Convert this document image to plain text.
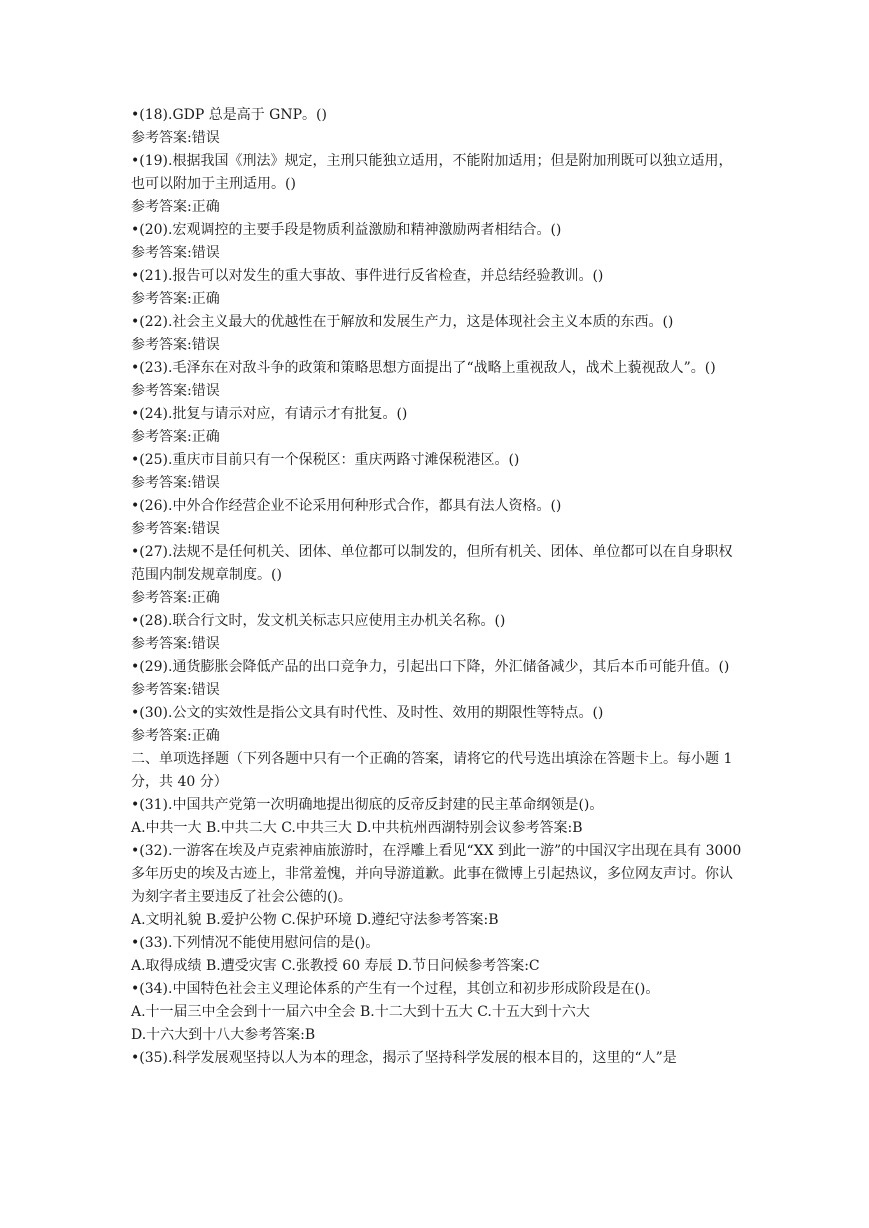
• (18).GDP 总是高于 GNP。()
参考答案:错误
• (19).根据我国《刑法》规定，主刑只能独立适用，不能附加适用；但是附加刑既可以独立适用，也可以附加于主刑适用。()
参考答案:正确
• (20).宏观调控的主要手段是物质利益激励和精神激励两者相结合。()
参考答案:错误
• (21).报告可以对发生的重大事故、事件进行反省检查，并总结经验教训。()
参考答案:正确
• (22).社会主义最大的优越性在于解放和发展生产力，这是体现社会主义本质的东西。()
参考答案:错误
• (23).毛泽东在对敌斗争的政策和策略思想方面提出了“战略上重视敌人，战术上藐视敌人”。()
参考答案:错误
• (24).批复与请示对应，有请示才有批复。()
参考答案:正确
• (25).重庆市目前只有一个保税区：重庆两路寸滩保税港区。()
参考答案:错误
• (26).中外合作经营企业不论采用何种形式合作，都具有法人资格。()
参考答案:错误
• (27).法规不是任何机关、团体、单位都可以制发的，但所有机关、团体、单位都可以在自身职权范围内制发规章制度。()
参考答案:正确
• (28).联合行文时，发文机关标志只应使用主办机关名称。()
参考答案:错误
• (29).通货膨胀会降低产品的出口竞争力，引起出口下降，外汇储备减少，其后本币可能升值。()
参考答案:错误
• (30).公文的实效性是指公文具有时代性、及时性、效用的期限性等特点。()
参考答案:正确
二、单项选择题（下列各题中只有一个正确的答案，请将它的代号选出填涂在答题卡上。每小题 1 分，共 40 分）
• (31).中国共产党第一次明确地提出彻底的反帝反封建的民主革命纲领是()。
A.中共一大 B.中共二大 C.中共三大 D.中共杭州西湖特别会议参考答案:B
• (32).一游客在埃及卢克索神庙旅游时，在浮雕上看见“XX 到此一游”的中国汉字出现在具有 3000 多年历史的埃及古迹上，非常羞愧，并向导游道歉。此事在微博上引起热议，多位网友声讨。你认为刻字者主要违反了社会公德的()。
A.文明礼貌 B.爱护公物 C.保护环境 D.遵纪守法参考答案:B
• (33).下列情况不能使用慰问信的是()。
A.取得成绩 B.遭受灾害 C.张教授 60 寿辰 D.节日问候参考答案:C
• (34).中国特色社会主义理论体系的产生有一个过程，其创立和初步形成阶段是在()。
A.十一届三中全会到十一届六中全会 B.十二大到十五大 C.十五大到十六大
D.十六大到十八大参考答案:B
• (35).科学发展观坚持以人为本的理念，揭示了坚持科学发展的根本目的，这里的“人”是
